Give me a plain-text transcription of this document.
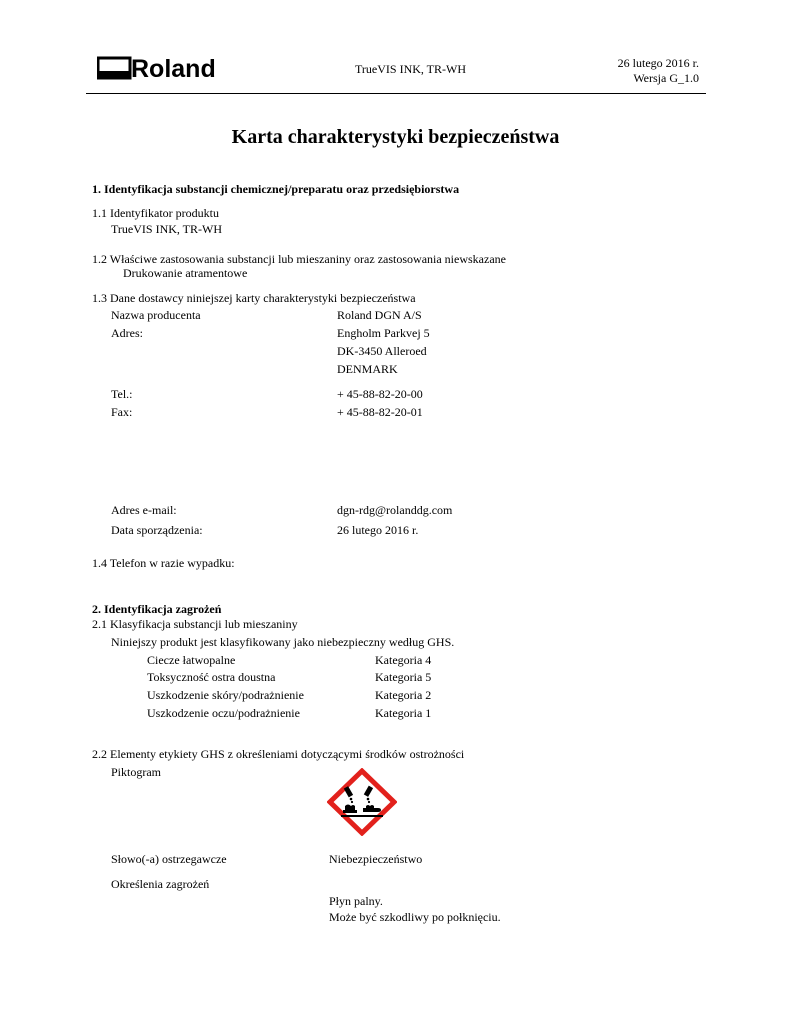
Roland	TrueVIS INK, TR-WH	26 lutego 2016 r.
Wersja G_1.0
Karta charakterystyki bezpieczeństwa
1. Identyfikacja substancji chemicznej/preparatu oraz przedsiębiorstwa
1.1 Identyfikator produktu
TrueVIS INK, TR-WH
1.2 Właściwe zastosowania substancji lub mieszaniny oraz zastosowania niewskazane
Drukowanie atramentowe
1.3 Dane dostawcy niniejszej karty charakterystyki bezpieczeństwa
Nazwa producenta	Roland DGN A/S
Adres:	Engholm Parkvej 5
DK-3450 Alleroed
DENMARK
Tel.:	+ 45-88-82-20-00
Fax:	+ 45-88-82-20-01
Adres e-mail:	dgn-rdg@rolanddg.com
Data sporządzenia:	26 lutego 2016 r.
1.4 Telefon w razie wypadku:
2. Identyfikacja zagrożeń
2.1 Klasyfikacja substancji lub mieszaniny
Niniejszy produkt jest klasyfikowany jako niebezpieczny według GHS.
Ciecze łatwopalne	Kategoria 4
Toksyczność ostra doustna	Kategoria 5
Uszkodzenie skóry/podrażnienie	Kategoria 2
Uszkodzenie oczu/podrażnienie	Kategoria 1
2.2 Elementy etykiety GHS z określeniami dotyczącymi środków ostrożności
Piktogram
Słowo(-a) ostrzegawcze	Niebezpieczeństwo
Określenia zagrożeń
Płyn palny.
Może być szkodliwy po połknięciu.
